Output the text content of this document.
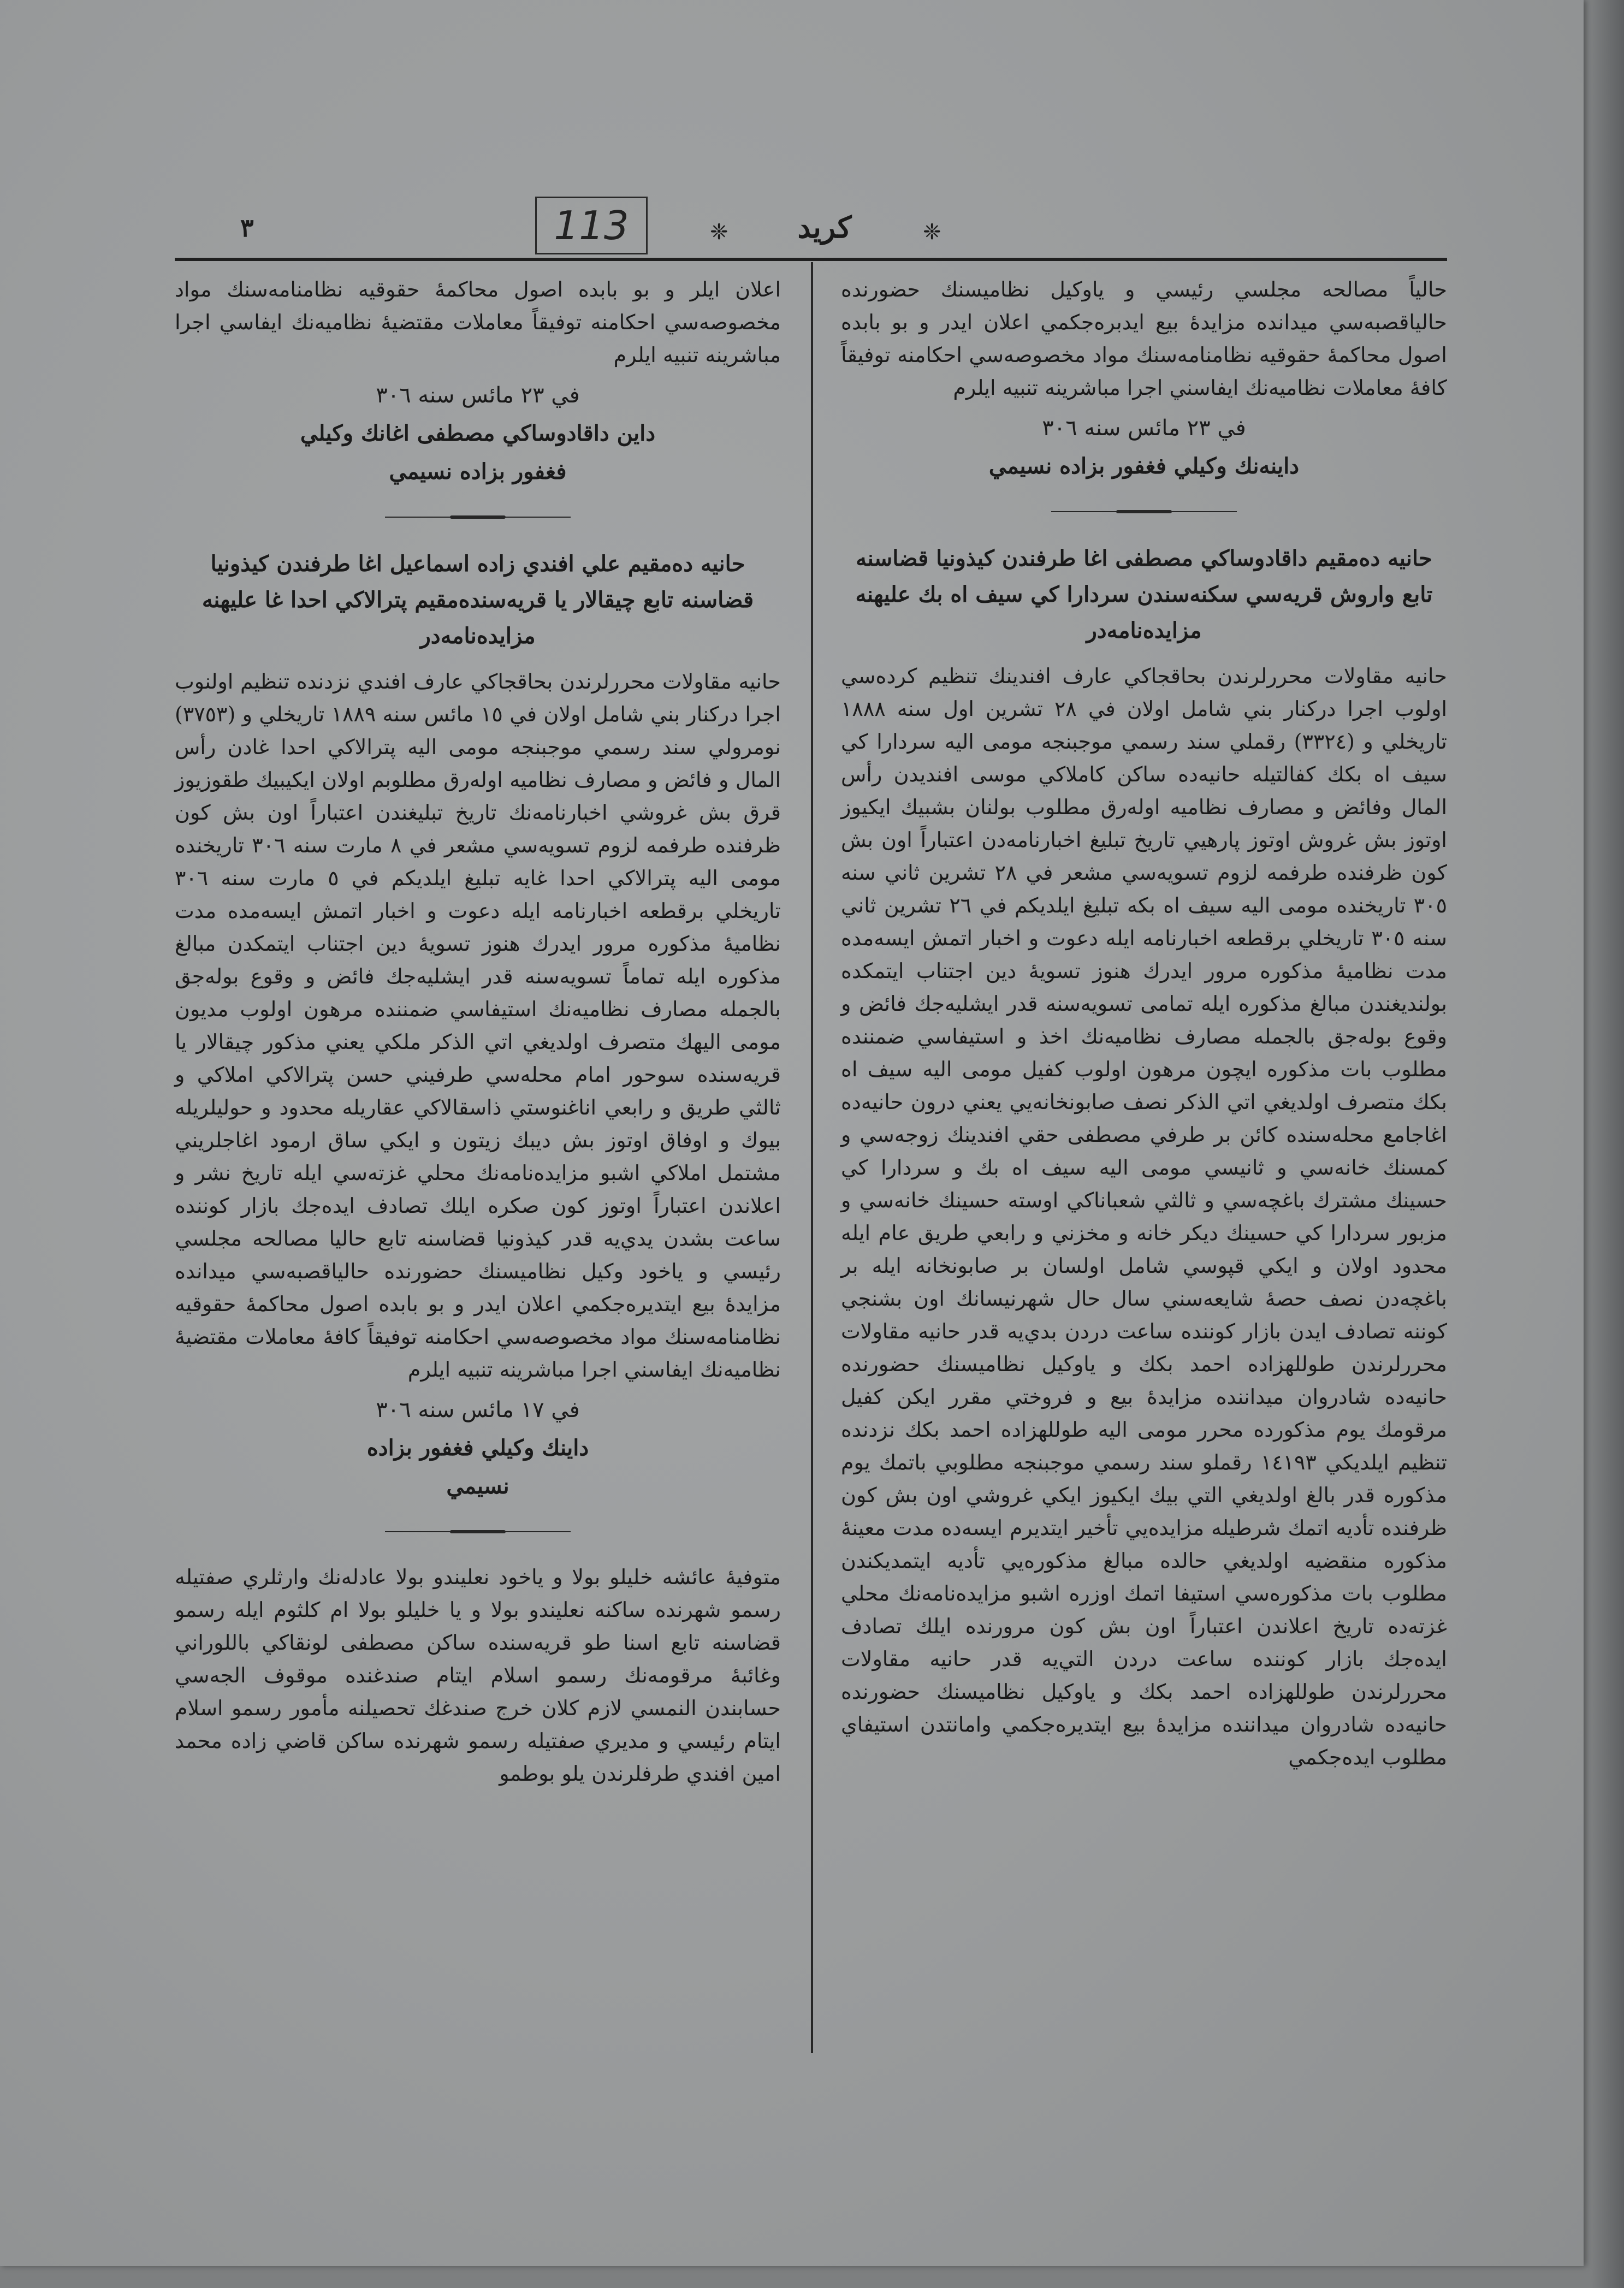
٣	113	❈
كريد
❈

حالياً مصالحه مجلسي رئيسي و ياوكيل نظاميسنك حضورنده حالياقصبه‌سي ميدانده مزايدۀ بيع ايدبره‌جكمي اعلان ايدر و بو بابده اصول محاكمۀ حقوقيه نظامنامه‌سنك مواد مخصوصه‌سي احكامنه توفيقاً كافۀ معاملات نظاميه‌نك ايفاسني اجرا مباشرينه تنبيه ايلرم

في ٢٣ مائس سنه ٣٠٦

داينه‌نك وكيلي فغفور بزاده نسيمي

حانيه ده‌مقيم داقادوساكي مصطفى اغا طرفندن كيذونيا قضاسنه تابع واروش قريه‌سي سكنه‌سندن سردارا كي سيف اه بك عليهنه مزايده‌نامه‌در

حانيه مقاولات محررلرندن بحاقجاكي عارف افندينك تنظيم كرده‌سي اولوب اجرا دركنار بني شامل اولان في ٢٨ تشرين اول سنه ١٨٨٨ تاريخلي و (٣٣٢٤) رقملي سند رسمي موجبنجه مومى اليه سردارا كي سيف اه بكك كفالتيله حانيه‌ده ساكن كاملاكي موسى افنديدن رأس المال وفائض و مصارف نظاميه اوله‌رق مطلوب بولنان بشبيك ايكيوز اوتوز بش غروش اوتوز پارهيي تاريخ تبليغ اخبارنامه‌دن اعتباراً اون بش كون ظرفنده طرفمه لزوم تسويه‌سي مشعر في ٢٨ تشرين ثاني سنه ٣٠٥ تاريخنده مومى اليه سيف اه بكه تبليغ ايلديكم في ٢٦ تشرين ثاني سنه ٣٠٥ تاريخلي برقطعه اخبارنامه ايله دعوت و اخبار اتمش ايسه‌مده مدت نظاميۀ مذكوره مرور ايدرك هنوز تسويۀ دين اجتناب ايتمكده بولنديغندن مبالغ مذكوره ايله تمامى تسويه‌سنه قدر ايشليه‌جك فائض و وقوع بوله‌جق بالجمله مصارف نظاميه‌نك اخذ و استيفاسي ضمننده مطلوب بات مذكوره ايچون مرهون اولوب كفيل مومى اليه سيف اه بكك متصرف اولديغي اتي الذكر نصف صابونخانه‌يي يعني درون حانيه‌ده اغاجامع محله‌سنده كائن بر طرفي مصطفى حقي افندينك زوجه‌سي و كمسنك خانه‌سي و ثانيسي مومى اليه سيف اه بك و سردارا كي حسينك مشترك باغچه‌سي و ثالثي شعباناكي اوسته حسينك خانه‌سي و مزبور سردارا كي حسينك ديكر خانه و مخزني و رابعي طريق عام ايله محدود اولان و ايكي قپوسي شامل اولسان بر صابونخانه ايله بر باغچه‌دن نصف حصۀ شايعه‌سني سال حال شهرنيسانك اون بشنجي كوننه تصادف ايدن بازار كوننده ساعت دردن بدي‌يه قدر حانيه مقاولات محررلرندن طوللهزاده احمد بكك و ياوكيل نظاميسنك حضورنده حانيه‌ده شادروان ميداننده مزايدۀ بيع و فروختي مقرر ايكن كفيل مرقومك يوم مذكورده محرر مومى اليه طوللهزاده احمد بكك نزدنده تنظيم ايلديكي ١٤١٩٣ رقملو سند رسمي موجبنجه مطلوبي باتمك يوم مذكوره قدر بالغ اولديغي التي بيك ايكيوز ايكي غروشي اون بش كون ظرفنده تأديه اتمك شرطيله مزايده‌يي تأخير ايتديرم ايسه‌ده مدت معينۀ مذكوره منقضيه اولديغي حالده مبالغ مذكوره‌يي تأديه ايتمديكندن مطلوب بات مذكوره‌سي استيفا اتمك اوزره اشبو مزايده‌نامه‌نك محلي غزته‌ده تاريخ اعلاندن اعتباراً اون بش كون مرورنده ايلك تصادف ايده‌جك بازار كوننده ساعت دردن التي‌يه قدر حانيه مقاولات محررلرندن طوللهزاده احمد بكك و ياوكيل نظاميسنك حضورنده حانيه‌ده شادروان ميداننده مزايدۀ بيع ايتديره‌جكمي وامانتدن استيفاي مطلوب ايده‌جكمي

اعلان ايلر و بو بابده اصول محاكمۀ حقوقيه نظامنامه‌سنك مواد مخصوصه‌سي احكامنه توفيقاً معاملات مقتضيۀ نظاميه‌نك ايفاسي اجرا مباشرينه تنبيه ايلرم

في ٢٣ مائس سنه ٣٠٦

داين داقادوساكي مصطفى اغانك وكيلي

فغفور بزاده نسيمي

حانيه ده‌مقيم علي افندي زاده اسماعيل اغا طرفندن كيذونيا قضاسنه تابع چيقالار يا قريه‌سنده‌مقيم پترالاكي احدا غا عليهنه مزايده‌نامه‌در

حانيه مقاولات محررلرندن بحاقجاكي عارف افندي نزدنده تنظيم اولنوب اجرا دركنار بني شامل اولان في ١٥ مائس سنه ١٨٨٩ تاريخلي و (٣٧٥٣) نومرولي سند رسمي موجبنجه مومى اليه پترالاكي احدا غادن رأس المال و فائض و مصارف نظاميه اوله‌رق مطلوبم اولان ايكيبيك طقوزيوز قرق بش غروشي اخبارنامه‌نك تاريخ تبليغندن اعتباراً اون بش كون ظرفنده طرفمه لزوم تسويه‌سي مشعر في ٨ مارت سنه ٣٠٦ تاريخنده مومى اليه پترالاكي احدا غايه تبليغ ايلديكم في ٥ مارت سنه ٣٠٦ تاريخلي برقطعه اخبارنامه ايله دعوت و اخبار اتمش ايسه‌مده مدت نظاميۀ مذكوره مرور ايدرك هنوز تسويۀ دين اجتناب ايتمكدن مبالغ مذكوره ايله تماماً تسويه‌سنه قدر ايشليه‌جك فائض و وقوع بوله‌جق بالجمله مصارف نظاميه‌نك استيفاسي ضمننده مرهون اولوب مديون مومى اليهك متصرف اولديغي اتي الذكر ملكي يعني مذكور چيقالار يا قريه‌سنده سوحور امام محله‌سي طرفيني حسن پترالاكي املاكي و ثالثي طريق و رابعي اناغنوستي ذاسقالاكي عقاريله محدود و حوليلريله بيوك و اوفاق اوتوز بش ديبك زيتون و ايكي ساق ارمود اغاجلريني مشتمل املاكي اشبو مزايده‌نامه‌نك محلي غزته‌سي ايله تاريخ نشر و اعلاندن اعتباراً اوتوز كون صكره ايلك تصادف ايده‌جك بازار كوننده ساعت بشدن يدي‌يه قدر كيذونيا قضاسنه تابع حاليا مصالحه مجلسي رئيسي و ياخود وكيل نظاميسنك حضورنده حالياقصبه‌سي ميدانده مزايدۀ بيع ايتديره‌جكمي اعلان ايدر و بو بابده اصول محاكمۀ حقوقيه نظامنامه‌سنك مواد مخصوصه‌سي احكامنه توفيقاً كافۀ معاملات مقتضيۀ نظاميه‌نك ايفاسني اجرا مباشرينه تنبيه ايلرم

في ١٧ مائس سنه ٣٠٦

داينك وكيلي فغفور بزاده

نسيمي

متوفيۀ عائشه خليلو بولا و ياخود نعليندو بولا عادله‌نك وارثلري صفتيله رسمو شهرنده ساكنه نعليندو بولا و يا خليلو بولا ام كلثوم ايله رسمو قضاسنه تابع اسنا طو قريه‌سنده ساكن مصطفى لونقاكي باللوراني وغائبۀ مرقومه‌نك رسمو اسلام ايتام صندغنده موقوف الجه‌سي حسابندن النمسي لازم كلان خرج صندغك تحصيلنه مأمور رسمو اسلام ايتام رئيسي و مديري صفتيله رسمو شهرنده ساكن قاضي زاده محمد امين افندي طرفلرندن يلو بوطمو
